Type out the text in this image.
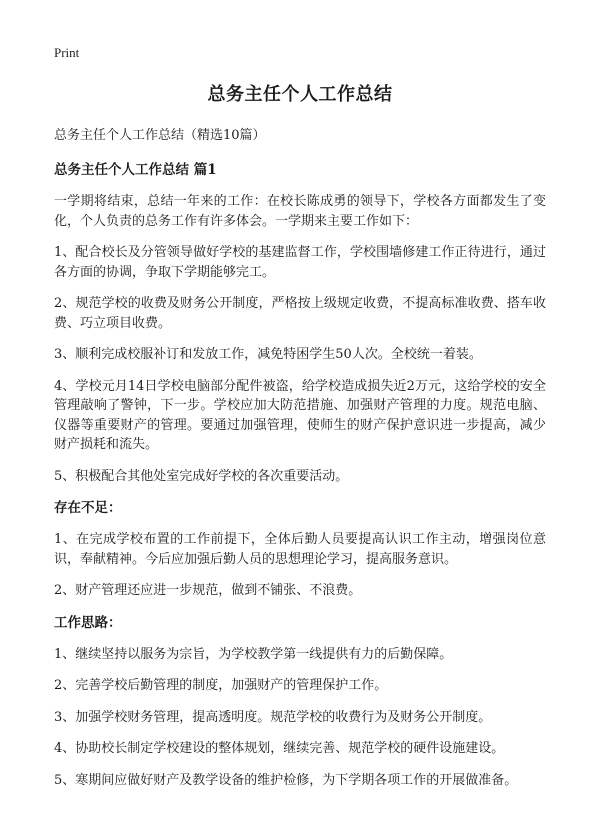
Print
总务主任个人工作总结

总务主任个人工作总结（精选10篇）

总务主任个人工作总结 篇1

一学期将结束，总结一年来的工作：在校长陈成勇的领导下，学校各方面都发生了变化，个人负责的总务工作有许多体会。一学期来主要工作如下：

1、配合校长及分管领导做好学校的基建监督工作，学校围墙修建工作正待进行，通过各方面的协调，争取下学期能够完工。

2、规范学校的收费及财务公开制度，严格按上级规定收费，不提高标准收费、搭车收费、巧立项目收费。

3、顺利完成校服补订和发放工作，减免特困学生50人次。全校统一着装。

4、学校元月14日学校电脑部分配件被盗，给学校造成损失近2万元，这给学校的安全管理敲响了警钟，下一步。学校应加大防范措施、加强财产管理的力度。规范电脑、仪器等重要财产的管理。要通过加强管理，使师生的财产保护意识进一步提高，减少财产损耗和流失。

5、积极配合其他处室完成好学校的各次重要活动。

存在不足：

1、在完成学校布置的工作前提下，全体后勤人员要提高认识工作主动，增强岗位意识，奉献精神。今后应加强后勤人员的思想理论学习，提高服务意识。

2、财产管理还应进一步规范，做到不铺张、不浪费。

工作思路：

1、继续坚持以服务为宗旨，为学校教学第一线提供有力的后勤保障。

2、完善学校后勤管理的制度，加强财产的管理保护工作。

3、加强学校财务管理，提高透明度。规范学校的收费行为及财务公开制度。

4、协助校长制定学校建设的整体规划，继续完善、规范学校的硬件设施建设。

5、寒期间应做好财产及教学设备的维护检修，为下学期各项工作的开展做准备。
